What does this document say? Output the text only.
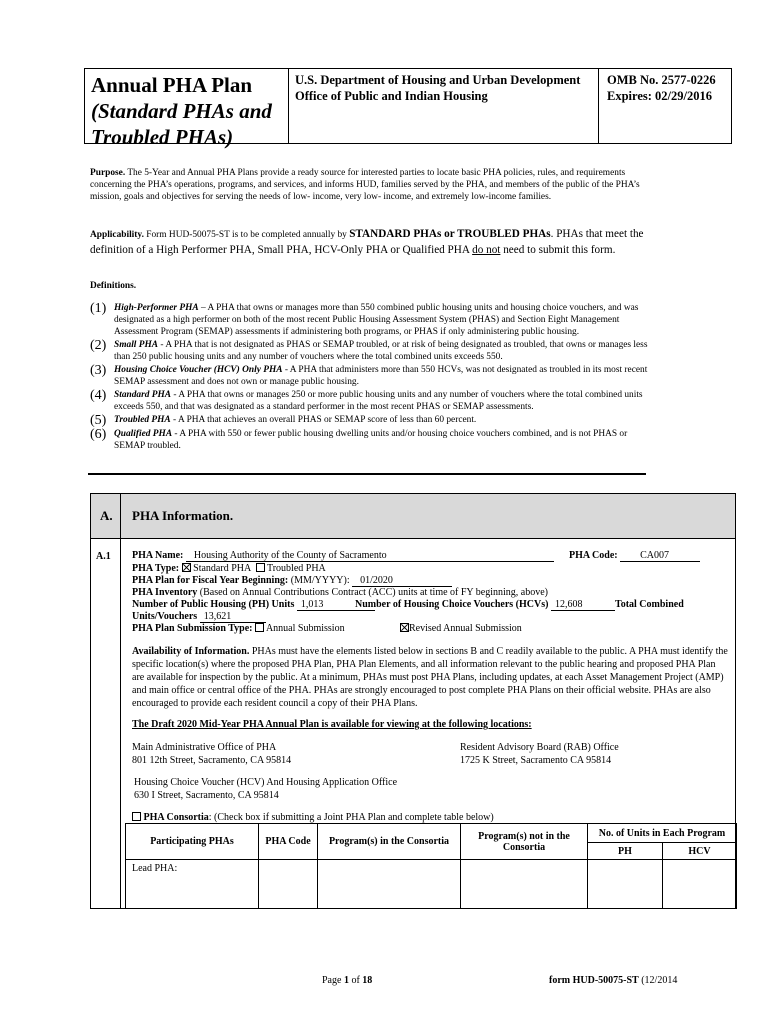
Annual PHA Plan
(Standard PHAs and
Troubled PHAs)
U.S. Department of Housing and Urban Development
Office of Public and Indian Housing
OMB No. 2577-0226
Expires: 02/29/2016
Purpose. The 5-Year and Annual PHA Plans provide a ready source for interested parties to locate basic PHA policies, rules, and requirements concerning the PHA’s operations, programs, and services, and informs HUD, families served by the PHA, and members of the public of the PHA’s mission, goals and objectives for serving the needs of low- income, very low- income, and extremely low-income families.
Applicability. Form HUD-50075-ST is to be completed annually by STANDARD PHAs or TROUBLED PHAs. PHAs that meet the definition of a High Performer PHA, Small PHA, HCV-Only PHA or Qualified PHA do not need to submit this form.
Definitions.
(1) High-Performer PHA – A PHA that owns or manages more than 550 combined public housing units and housing choice vouchers, and was designated as a high performer on both of the most recent Public Housing Assessment System (PHAS) and Section Eight Management Assessment Program (SEMAP) assessments if administering both programs, or PHAS if only administering public housing.
(2) Small PHA - A PHA that is not designated as PHAS or SEMAP troubled, or at risk of being designated as troubled, that owns or manages less than 250 public housing units and any number of vouchers where the total combined units exceeds 550.
(3) Housing Choice Voucher (HCV) Only PHA - A PHA that administers more than 550 HCVs, was not designated as troubled in its most recent SEMAP assessment and does not own or manage public housing.
(4) Standard PHA - A PHA that owns or manages 250 or more public housing units and any number of vouchers where the total combined units exceeds 550, and that was designated as a standard performer in the most recent PHAS or SEMAP assessments.
(5) Troubled PHA - A PHA that achieves an overall PHAS or SEMAP score of less than 60 percent.
(6) Qualified PHA - A PHA with 550 or fewer public housing dwelling units and/or housing choice vouchers combined, and is not PHAS or SEMAP troubled.
A. PHA Information.
A.1 PHA Name: Housing Authority of the County of Sacramento	PHA Code: CA007
PHA Type: Standard PHA Troubled PHA
PHA Plan for Fiscal Year Beginning: (MM/YYYY): 01/2020
PHA Inventory (Based on Annual Contributions Contract (ACC) units at time of FY beginning, above)
Number of Public Housing (PH) Units 1,013	Number of Housing Choice Vouchers (HCVs) 12,608	Total Combined
Units/Vouchers 13,621
PHA Plan Submission Type: Annual Submission	Revised Annual Submission
Availability of Information. PHAs must have the elements listed below in sections B and C readily available to the public. A PHA must identify the specific location(s) where the proposed PHA Plan, PHA Plan Elements, and all information relevant to the public hearing and proposed PHA Plan are available for inspection by the public. At a minimum, PHAs must post PHA Plans, including updates, at each Asset Management Project (AMP) and main office or central office of the PHA. PHAs are strongly encouraged to post complete PHA Plans on their official website. PHAs are also encouraged to provide each resident council a copy of their PHA Plans.
The Draft 2020 Mid-Year PHA Annual Plan is available for viewing at the following locations:
Main Administrative Office of PHA
801 12th Street, Sacramento, CA 95814
Resident Advisory Board (RAB) Office
1725 K Street, Sacramento CA 95814
Housing Choice Voucher (HCV) And Housing Application Office
630 I Street, Sacramento, CA 95814
PHA Consortia: (Check box if submitting a Joint PHA Plan and complete table below)
Participating PHAs	PHA Code	Program(s) in the Consortia	Program(s) not in the Consortia	No. of Units in Each Program	
				PH	HCV
Lead PHA:					
Page 1 of 18	form HUD-50075-ST (12/2014
